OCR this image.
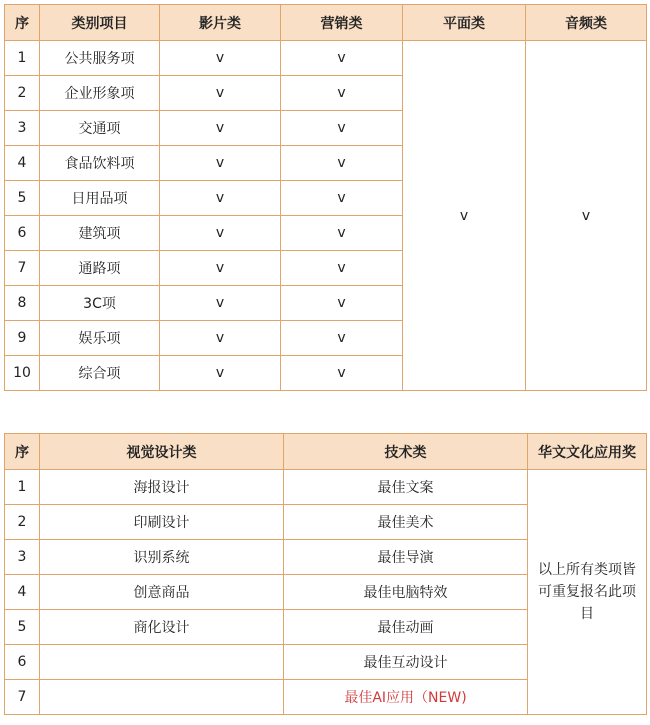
序	类别项目	影片类	营销类	平面类	音频类
1	公共服务项	v	v	v	v
2	企业形象项	v	v		
3	交通项	v	v		
4	食品饮料项	v	v		
5	日用品项	v	v		
6	建筑项	v	v		
7	通路项	v	v		
8	3C项	v	v		
9	娱乐项	v	v		
10	综合项	v	v		
序	视觉设计类	技术类	华文文化应用奖
1	海报设计	最佳文案	以上所有类项皆可重复报名此项目
2	印刷设计	最佳美术	
3	识别系统	最佳导演	
4	创意商品	最佳电脑特效	
5	商化设计	最佳动画	
6		最佳互动设计	
7		最佳AI应用（NEW)	
